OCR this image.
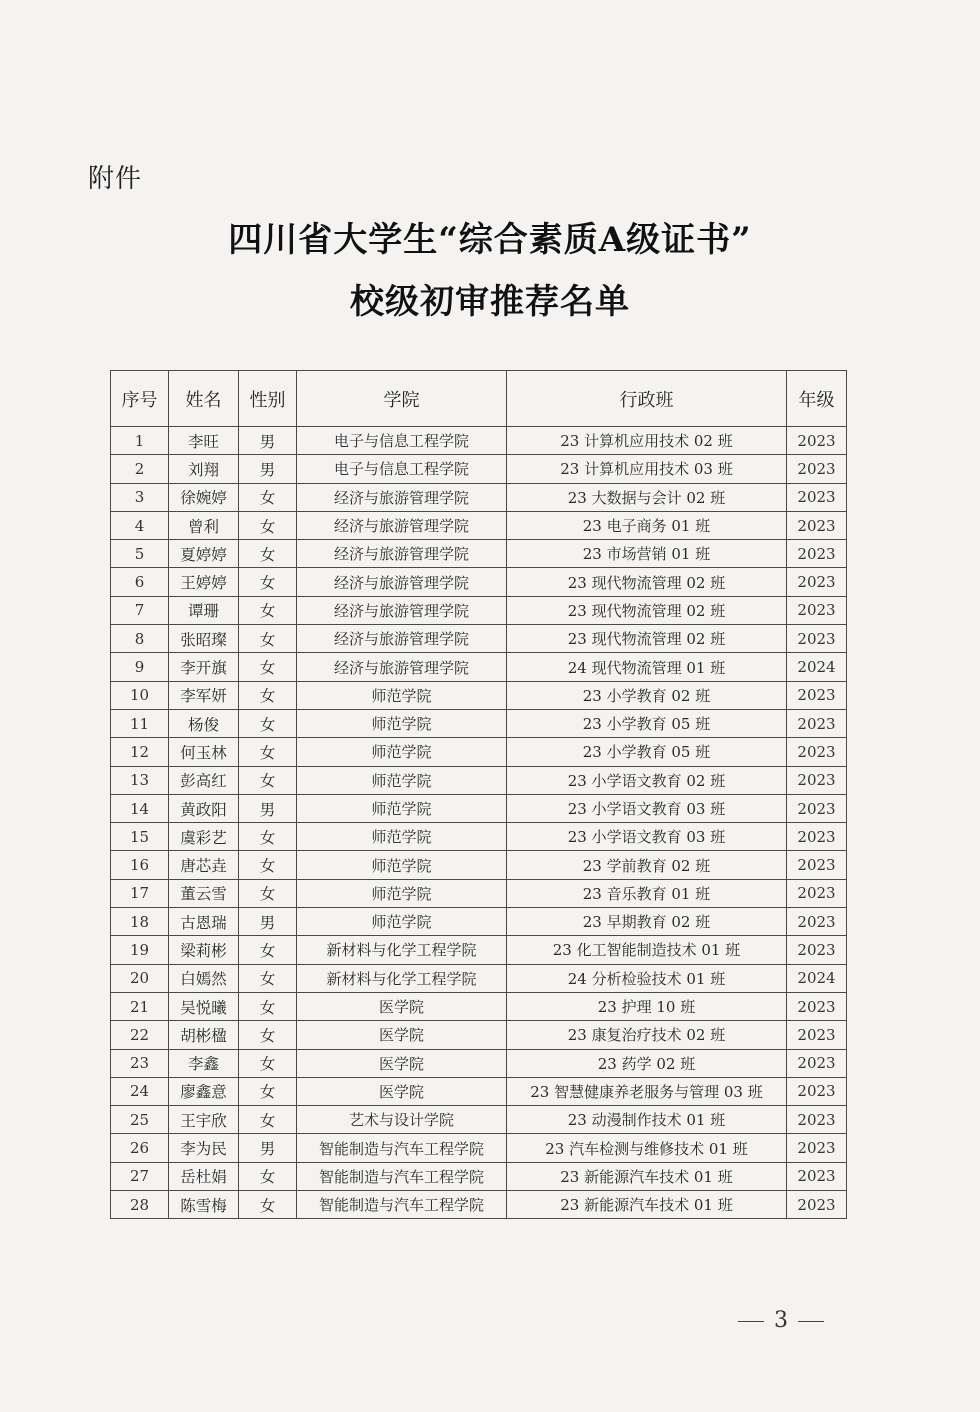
附件
四川省大学生“综合素质A级证书”
校级初审推荐名单
序号	姓名	性别	学院	行政班	年级
1	李旺	男	电子与信息工程学院	23 计算机应用技术 02 班	2023
2	刘翔	男	电子与信息工程学院	23 计算机应用技术 03 班	2023
3	徐婉婷	女	经济与旅游管理学院	23 大数据与会计 02 班	2023
4	曾利	女	经济与旅游管理学院	23 电子商务 01 班	2023
5	夏婷婷	女	经济与旅游管理学院	23 市场营销 01 班	2023
6	王婷婷	女	经济与旅游管理学院	23 现代物流管理 02 班	2023
7	谭珊	女	经济与旅游管理学院	23 现代物流管理 02 班	2023
8	张昭璨	女	经济与旅游管理学院	23 现代物流管理 02 班	2023
9	李开旗	女	经济与旅游管理学院	24 现代物流管理 01 班	2024
10	李军妍	女	师范学院	23 小学教育 02 班	2023
11	杨俊	女	师范学院	23 小学教育 05 班	2023
12	何玉林	女	师范学院	23 小学教育 05 班	2023
13	彭高红	女	师范学院	23 小学语文教育 02 班	2023
14	黄政阳	男	师范学院	23 小学语文教育 03 班	2023
15	虞彩艺	女	师范学院	23 小学语文教育 03 班	2023
16	唐芯垚	女	师范学院	23 学前教育 02 班	2023
17	董云雪	女	师范学院	23 音乐教育 01 班	2023
18	古恩瑞	男	师范学院	23 早期教育 02 班	2023
19	梁莉彬	女	新材料与化学工程学院	23 化工智能制造技术 01 班	2023
20	白嫣然	女	新材料与化学工程学院	24 分析检验技术 01 班	2024
21	吴悦曦	女	医学院	23 护理 10 班	2023
22	胡彬楹	女	医学院	23 康复治疗技术 02 班	2023
23	李鑫	女	医学院	23 药学 02 班	2023
24	廖鑫意	女	医学院	23 智慧健康养老服务与管理 03 班	2023
25	王宇欣	女	艺术与设计学院	23 动漫制作技术 01 班	2023
26	李为民	男	智能制造与汽车工程学院	23 汽车检测与维修技术 01 班	2023
27	岳杜娟	女	智能制造与汽车工程学院	23 新能源汽车技术 01 班	2023
28	陈雪梅	女	智能制造与汽车工程学院	23 新能源汽车技术 01 班	2023
3
